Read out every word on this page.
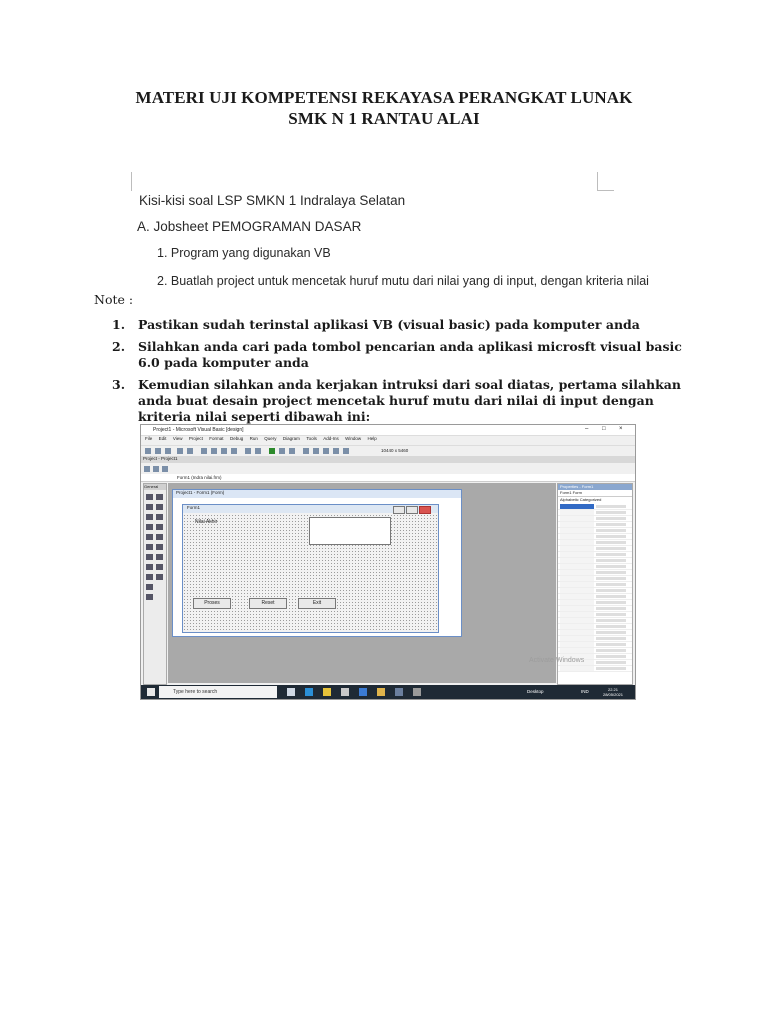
MATERI UJI KOMPETENSI REKAYASA PERANGKAT LUNAK
SMK N 1 RANTAU ALAI
Kisi-kisi soal LSP SMKN 1 Indralaya Selatan
A. Jobsheet PEMOGRAMAN DASAR
1. Program yang digunakan VB
2. Buatlah project untuk mencetak huruf mutu dari nilai yang di input, dengan kriteria nilai
Note :
1. Pastikan sudah terinstal aplikasi VB (visual basic) pada komputer anda
2. Silahkan anda cari pada tombol pencarian anda aplikasi microsft visual basic 6.0 pada komputer anda
3. Kemudian silahkan anda kerjakan intruksi dari soal diatas, pertama silahkan anda buat desain project mencetak huruf mutu dari nilai di input dengan kriteria nilai seperti dibawah ini:
Project1 - Microsoft Visual Basic [design]	– □ ×
File Edit View Project Format Debug Run Query Diagram Tools Add-Ins Window Help
10440 x 5460
Project - Project1
Form1 (Indra nilai.frm)
General
Project1 - Form1 (Form)
Form1
Nilai Akhir
Proses	Reset	Exit
Properties - Form1
Form1 Form
Alphabetic Categorized
Activate Windows
Type here to search	Desktop	IND	22.21
28/05/2021
